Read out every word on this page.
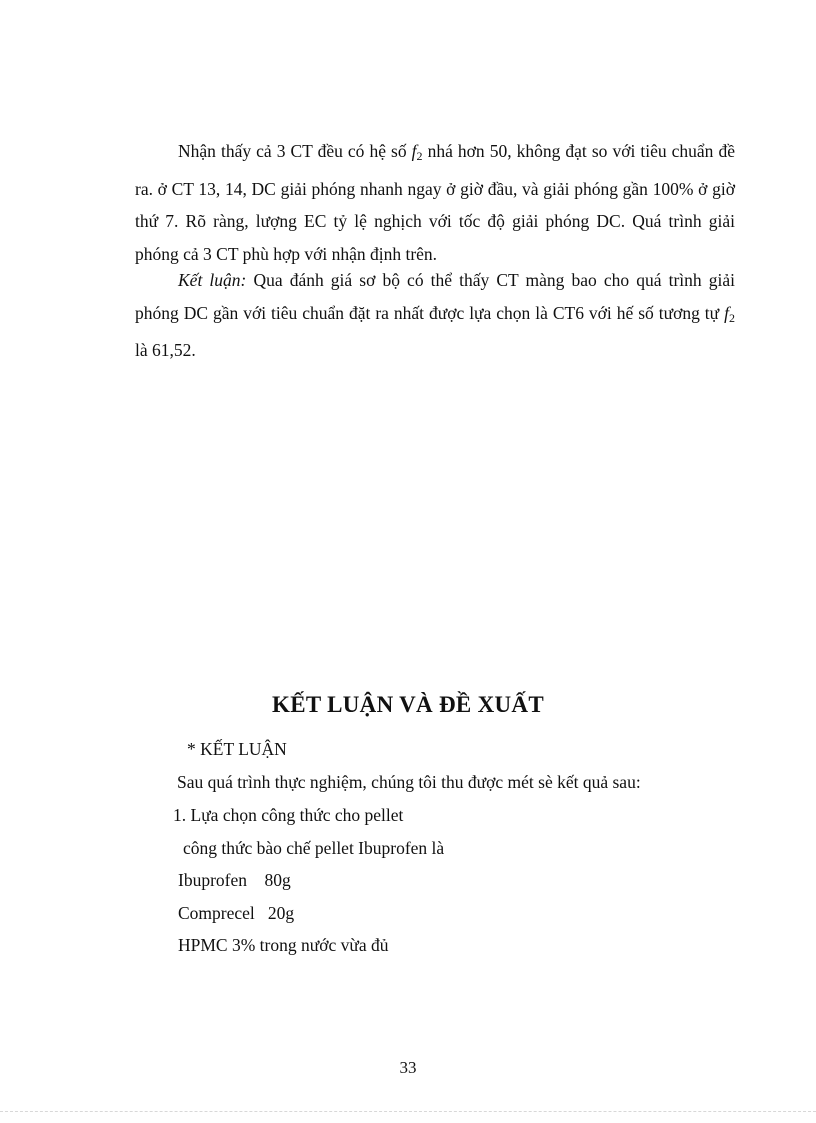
Nhận thấy cả 3 CT đều có hệ số $f_2$ nhá hơn 50, không đạt so với tiêu chuẩn đề ra. ở CT 13, 14, DC giải phóng nhanh ngay ở giờ đầu, và giải phóng gần 100% ở giờ thứ 7. Rõ ràng, lượng EC tỷ lệ nghịch với tốc độ giải phóng DC. Quá trình giải phóng cả 3 CT phù hợp với nhận định trên.

Kết luận: Qua đánh giá sơ bộ có thể thấy CT màng bao cho quá trình giải phóng DC gần với tiêu chuẩn đặt ra nhất được lựa chọn là CT6 với hế số tương tự $f_2$ là 61,52.

KẾT LUẬN VÀ ĐỀ XUẤT

* KẾT LUẬN

Sau quá trình thực nghiệm, chúng tôi thu được mét sè kết quả sau:

1. Lựa chọn công thức cho pellet

công thức bào chế pellet Ibuprofen là

Ibuprofen    80g

Comprecel   20g

HPMC 3% trong nước vừa đủ

33
